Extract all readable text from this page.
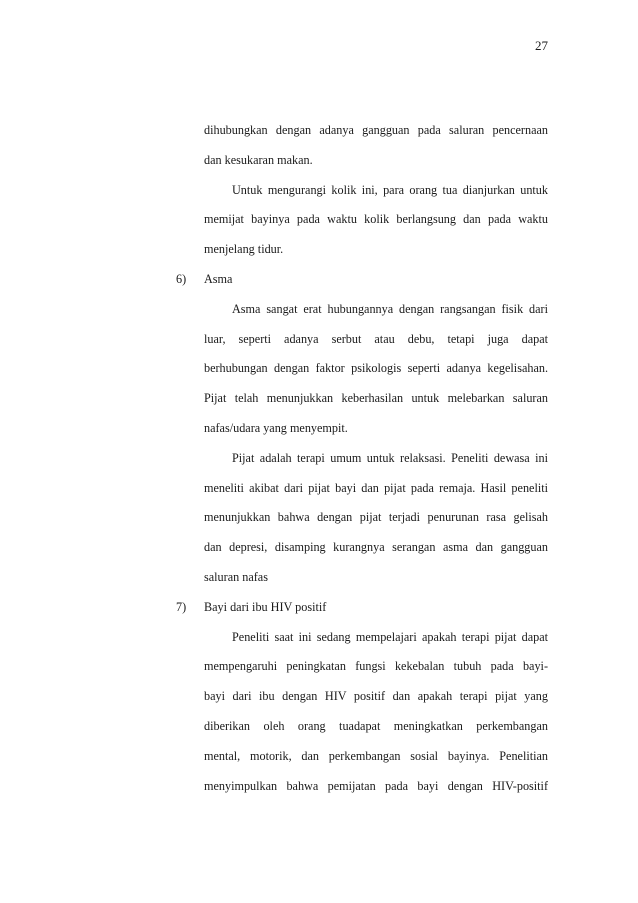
27
dihubungkan dengan adanya gangguan pada saluran pencernaan
dan kesukaran makan.
Untuk mengurangi kolik ini, para orang tua dianjurkan untuk
memijat bayinya pada waktu kolik berlangsung dan pada waktu
menjelang tidur.
6) Asma
Asma sangat erat hubungannya dengan rangsangan fisik dari
luar, seperti adanya serbut atau debu, tetapi juga dapat
berhubungan dengan faktor psikologis seperti adanya kegelisahan.
Pijat telah menunjukkan keberhasilan untuk melebarkan saluran
nafas/udara yang menyempit.
Pijat adalah terapi umum untuk relaksasi. Peneliti dewasa ini
meneliti akibat dari pijat bayi dan pijat pada remaja. Hasil peneliti
menunjukkan bahwa dengan pijat terjadi penurunan rasa gelisah
dan depresi, disamping kurangnya serangan asma dan gangguan
saluran nafas
7) Bayi dari ibu HIV positif
Peneliti saat ini sedang mempelajari apakah terapi pijat dapat
mempengaruhi peningkatan fungsi kekebalan tubuh pada bayi-
bayi dari ibu dengan HIV positif dan apakah terapi pijat yang
diberikan oleh orang tuadapat meningkatkan perkembangan
mental, motorik, dan perkembangan sosial bayinya. Penelitian
menyimpulkan bahwa pemijatan pada bayi dengan HIV-positif
